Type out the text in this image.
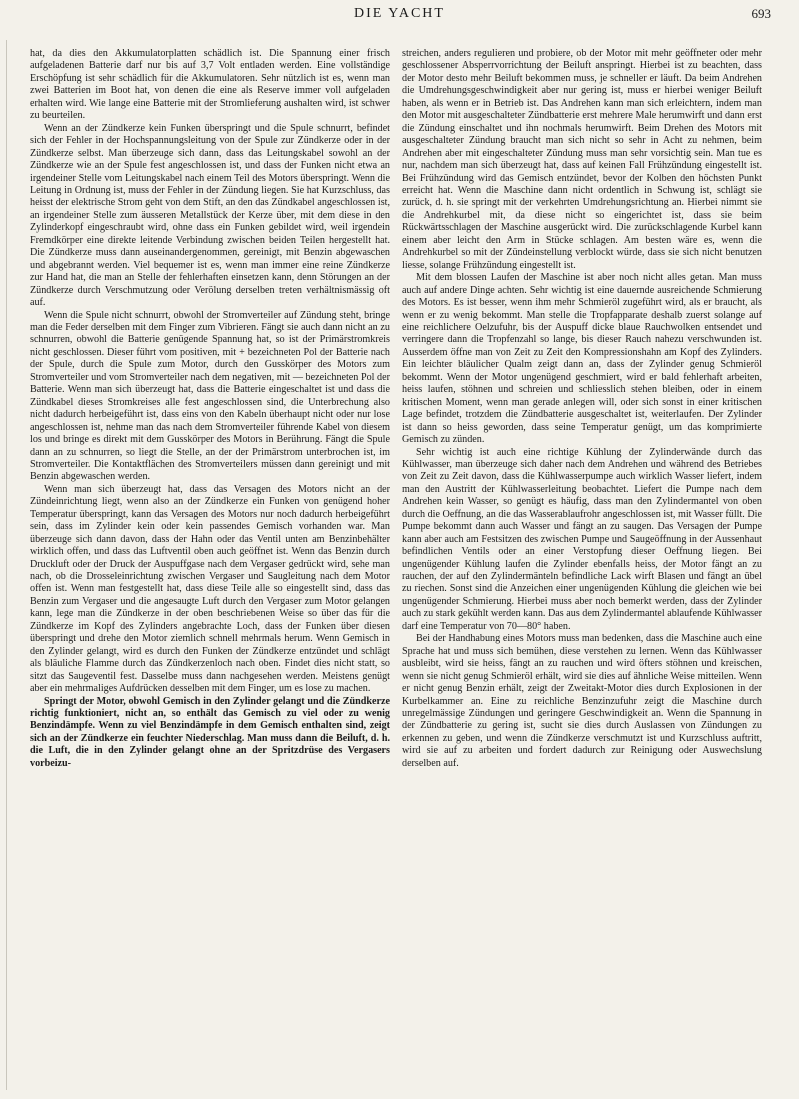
DIE YACHT	693

hat, da dies den Akkumulatorplatten schädlich ist. Die Spannung einer frisch aufgeladenen Batterie darf nur bis auf 3,7 Volt entladen werden. Eine vollständige Erschöpfung ist sehr schädlich für die Akkumulatoren. Sehr nützlich ist es, wenn man zwei Batterien im Boot hat, von denen die eine als Reserve immer voll aufgeladen erhalten wird. Wie lange eine Batterie mit der Stromlieferung aushalten wird, ist schwer zu beurteilen.

Wenn an der Zündkerze kein Funken überspringt und die Spule schnurrt, befindet sich der Fehler in der Hochspannungsleitung von der Spule zur Zündkerze oder in der Zündkerze selbst. Man überzeuge sich dann, dass das Leitungskabel sowohl an der Zündkerze wie an der Spule fest angeschlossen ist, und dass der Funken nicht etwa an irgendeiner Stelle vom Leitungskabel nach einem Teil des Motors überspringt. Wenn die Leitung in Ordnung ist, muss der Fehler in der Zündung liegen. Sie hat Kurzschluss, das heisst der elektrische Strom geht von dem Stift, an den das Zündkabel angeschlossen ist, an irgendeiner Stelle zum äusseren Metallstück der Kerze über, mit dem diese in den Zylinderkopf eingeschraubt wird, ohne dass ein Funken gebildet wird, weil irgendein Fremdkörper eine direkte leitende Verbindung zwischen beiden Teilen hergestellt hat. Die Zündkerze muss dann auseinandergenommen, gereinigt, mit Benzin abgewaschen und abgebrannt werden. Viel bequemer ist es, wenn man immer eine reine Zündkerze zur Hand hat, die man an Stelle der fehlerhaften einsetzen kann, denn Störungen an der Zündkerze durch Verschmutzung oder Verölung derselben treten verhältnismässig oft auf.

Wenn die Spule nicht schnurrt, obwohl der Stromverteiler auf Zündung steht, bringe man die Feder derselben mit dem Finger zum Vibrieren. Fängt sie auch dann nicht an zu schnurren, obwohl die Batterie genügende Spannung hat, so ist der Primärstromkreis nicht geschlossen. Dieser führt vom positiven, mit + bezeichneten Pol der Batterie nach der Spule, durch die Spule zum Motor, durch den Gusskörper des Motors zum Stromverteiler und vom Stromverteiler nach dem negativen, mit — bezeichneten Pol der Batterie. Wenn man sich überzeugt hat, dass die Batterie eingeschaltet ist und dass die Zündkabel dieses Stromkreises alle fest angeschlossen sind, die Unterbrechung also nicht dadurch herbeigeführt ist, dass eins von den Kabeln überhaupt nicht oder nur lose angeschlossen ist, nehme man das nach dem Stromverteiler führende Kabel von diesem los und bringe es direkt mit dem Gusskörper des Motors in Berührung. Fängt die Spule dann an zu schnurren, so liegt die Stelle, an der der Primärstrom unterbrochen ist, im Stromverteiler. Die Kontaktflächen des Stromverteilers müssen dann gereinigt und mit Benzin abgewaschen werden.

Wenn man sich überzeugt hat, dass das Versagen des Motors nicht an der Zündeinrichtung liegt, wenn also an der Zündkerze ein Funken von genügend hoher Temperatur überspringt, kann das Versagen des Motors nur noch dadurch herbeigeführt sein, dass im Zylinder kein oder kein passendes Gemisch vorhanden war. Man überzeuge sich dann davon, dass der Hahn oder das Ventil unten am Benzinbehälter wirklich offen, und dass das Luftventil oben auch geöffnet ist. Wenn das Benzin durch Druckluft oder der Druck der Auspuffgase nach dem Vergaser gedrückt wird, sehe man nach, ob die Drosseleinrichtung zwischen Vergaser und Saugleitung nach dem Motor offen ist. Wenn man festgestellt hat, dass diese Teile alle so eingestellt sind, dass das Benzin zum Vergaser und die angesaugte Luft durch den Vergaser zum Motor gelangen kann, lege man die Zündkerze in der oben beschriebenen Weise so über das für die Zündkerze im Kopf des Zylinders angebrachte Loch, dass der Funken über diesen überspringt und drehe den Motor ziemlich schnell mehrmals herum. Wenn Gemisch in den Zylinder gelangt, wird es durch den Funken der Zündkerze entzündet und schlägt als bläuliche Flamme durch das Zündkerzenloch nach oben. Findet dies nicht statt, so sitzt das Saugeventil fest. Dasselbe muss dann nachgesehen werden. Meistens genügt aber ein mehrmaliges Aufdrücken desselben mit dem Finger, um es lose zu machen.

Springt der Motor, obwohl Gemisch in den Zylinder gelangt und die Zündkerze richtig funktioniert, nicht an, so enthält das Gemisch zu viel oder zu wenig Benzindämpfe. Wenn zu viel Benzindämpfe in dem Gemisch enthalten sind, zeigt sich an der Zündkerze ein feuchter Niederschlag. Man muss dann die Beiluft, d. h. die Luft, die in den Zylinder gelangt ohne an der Spritzdrüse des Vergasers vorbeizu-

streichen, anders regulieren und probiere, ob der Motor mit mehr geöffneter oder mehr geschlossener Absperrvorrichtung der Beiluft anspringt. Hierbei ist zu beachten, dass der Motor desto mehr Beiluft bekommen muss, je schneller er läuft. Da beim Andrehen die Umdrehungsgeschwindigkeit aber nur gering ist, muss er hierbei weniger Beiluft haben, als wenn er in Betrieb ist. Das Andrehen kann man sich erleichtern, indem man den Motor mit ausgeschalteter Zündbatterie erst mehrere Male herumwirft und dann erst die Zündung einschaltet und ihn nochmals herumwirft. Beim Drehen des Motors mit ausgeschalteter Zündung braucht man sich nicht so sehr in Acht zu nehmen, beim Andrehen aber mit eingeschalteter Zündung muss man sehr vorsichtig sein. Man tue es nur, nachdem man sich überzeugt hat, dass auf keinen Fall Frühzündung eingestellt ist. Bei Frühzündung wird das Gemisch entzündet, bevor der Kolben den höchsten Punkt erreicht hat. Wenn die Maschine dann nicht ordentlich in Schwung ist, schlägt sie zurück, d. h. sie springt mit der verkehrten Umdrehungsrichtung an. Hierbei nimmt sie die Andrehkurbel mit, da diese nicht so eingerichtet ist, dass sie beim Rückwärtsschlagen der Maschine ausgerückt wird. Die zurückschlagende Kurbel kann einem aber leicht den Arm in Stücke schlagen. Am besten wäre es, wenn die Andrehkurbel so mit der Zündeinstellung verblockt würde, dass sie sich nicht benutzen liesse, solange Frühzündung eingestellt ist.

Mit dem blossen Laufen der Maschine ist aber noch nicht alles getan. Man muss auch auf andere Dinge achten. Sehr wichtig ist eine dauernde ausreichende Schmierung des Motors. Es ist besser, wenn ihm mehr Schmieröl zugeführt wird, als er braucht, als wenn er zu wenig bekommt. Man stelle die Tropfapparate deshalb zuerst solange auf eine reichlichere Oelzufuhr, bis der Auspuff dicke blaue Rauchwolken entsendet und verringere dann die Tropfenzahl so lange, bis dieser Rauch nahezu verschwunden ist. Ausserdem öffne man von Zeit zu Zeit den Kompressionshahn am Kopf des Zylinders. Ein leichter bläulicher Qualm zeigt dann an, dass der Zylinder genug Schmieröl bekommt. Wenn der Motor ungenügend geschmiert, wird er bald fehlerhaft arbeiten, heiss laufen, stöhnen und schreien und schliesslich stehen bleiben, oder in einem kritischen Moment, wenn man gerade anlegen will, oder sich sonst in einer kritischen Lage befindet, trotzdem die Zündbatterie ausgeschaltet ist, weiterlaufen. Der Zylinder ist dann so heiss geworden, dass seine Temperatur genügt, um das komprimierte Gemisch zu zünden.

Sehr wichtig ist auch eine richtige Kühlung der Zylinderwände durch das Kühlwasser, man überzeuge sich daher nach dem Andrehen und während des Betriebes von Zeit zu Zeit davon, dass die Kühlwasserpumpe auch wirklich Wasser liefert, indem man den Austritt der Kühlwasserleitung beobachtet. Liefert die Pumpe nach dem Andrehen kein Wasser, so genügt es häufig, dass man den Zylindermantel von oben durch die Oeffnung, an die das Wasserablaufrohr angeschlossen ist, mit Wasser füllt. Die Pumpe bekommt dann auch Wasser und fängt an zu saugen. Das Versagen der Pumpe kann aber auch am Festsitzen des zwischen Pumpe und Saugeöffnung in der Aussenhaut befindlichen Ventils oder an einer Verstopfung dieser Oeffnung liegen. Bei ungenügender Kühlung laufen die Zylinder ebenfalls heiss, der Motor fängt an zu rauchen, der auf den Zylindermänteln befindliche Lack wirft Blasen und fängt an übel zu riechen. Sonst sind die Anzeichen einer ungenügenden Kühlung die gleichen wie bei ungenügender Schmierung. Hierbei muss aber noch bemerkt werden, dass der Zylinder auch zu stark gekühlt werden kann. Das aus dem Zylindermantel ablaufende Kühlwasser darf eine Temperatur von 70—80° haben.

Bei der Handhabung eines Motors muss man bedenken, dass die Maschine auch eine Sprache hat und muss sich bemühen, diese verstehen zu lernen. Wenn das Kühlwasser ausbleibt, wird sie heiss, fängt an zu rauchen und wird öfters stöhnen und kreischen, wenn sie nicht genug Schmieröl erhält, wird sie dies auf ähnliche Weise mitteilen. Wenn er nicht genug Benzin erhält, zeigt der Zweitakt-Motor dies durch Explosionen in der Kurbelkammer an. Eine zu reichliche Benzinzufuhr zeigt die Maschine durch unregelmässige Zündungen und geringere Geschwindigkeit an. Wenn die Spannung in der Zündbatterie zu gering ist, sucht sie dies durch Auslassen von Zündungen zu erkennen zu geben, und wenn die Zündkerze verschmutzt ist und Kurzschluss auftritt, wird sie auf zu arbeiten und fordert dadurch zur Reinigung oder Auswechslung derselben auf.
